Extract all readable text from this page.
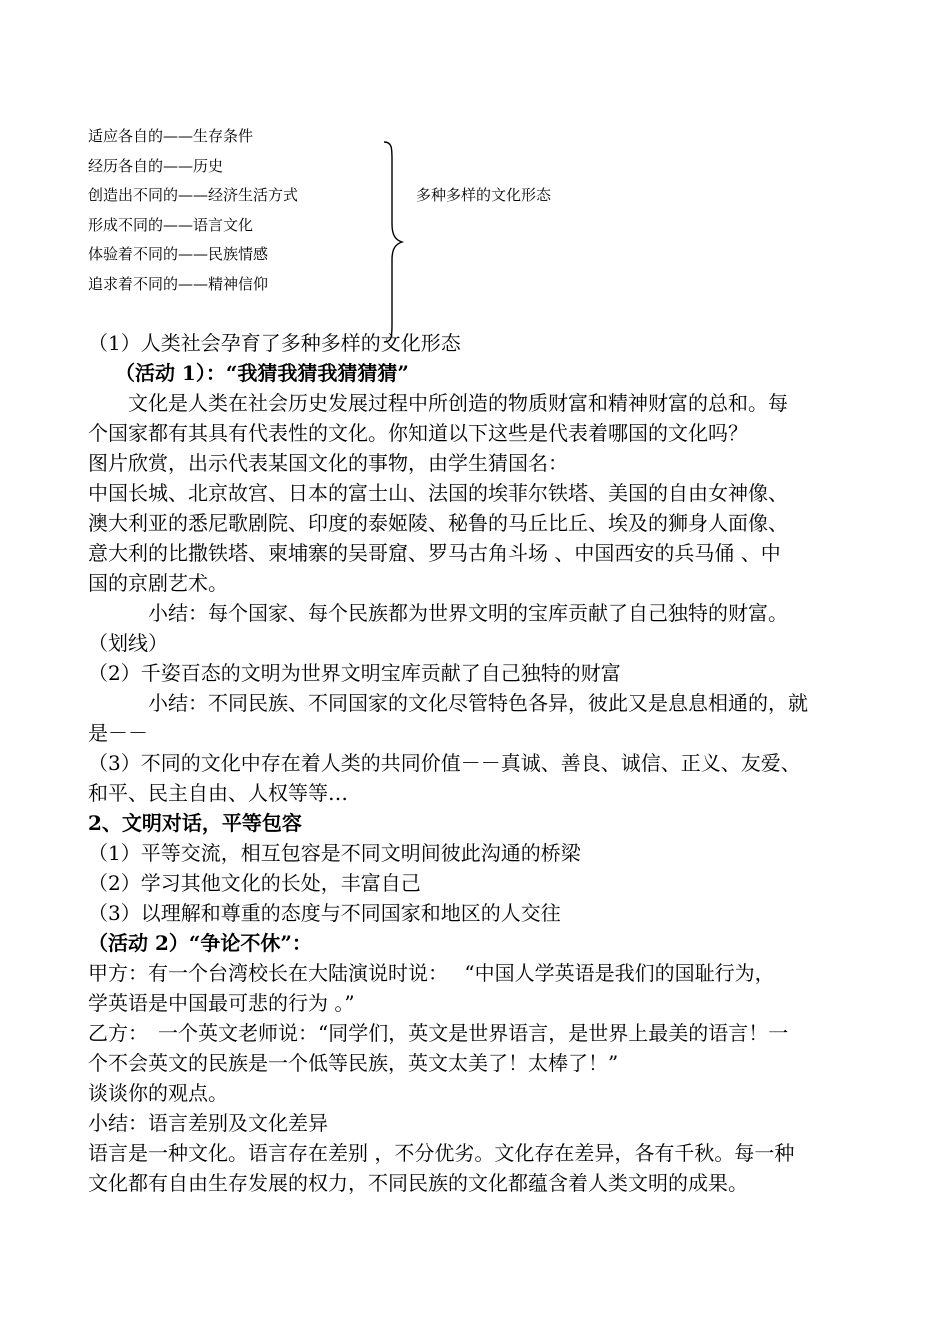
适应各自的——生存条件
经历各自的——历史
创造出不同的——经济生活方式
形成不同的——语言文化
体验着不同的——民族情感
追求着不同的——精神信仰
多种多样的文化形态
（1）人类社会孕育了多种多样的文化形态
　 （活动 1）：“我猜我猜我猜猜猜”
　　文化是人类在社会历史发展过程中所创造的物质财富和精神财富的总和。每
个国家都有其具有代表性的文化。你知道以下这些是代表着哪国的文化吗？
图片欣赏，出示代表某国文化的事物，由学生猜国名：
中国长城、北京故宫、日本的富士山、法国的埃菲尔铁塔、美国的自由女神像、
澳大利亚的悉尼歌剧院、印度的泰姬陵、秘鲁的马丘比丘、埃及的狮身人面像、
意大利的比撒铁塔、柬埔寨的吴哥窟、罗马古角斗场 、中国西安的兵马俑 、中
国的京剧艺术。
　　　小结：每个国家、每个民族都为世界文明的宝库贡献了自己独特的财富。
（划线）
（2）千姿百态的文明为世界文明宝库贡献了自己独特的财富
　　　小结：不同民族、不同国家的文化尽管特色各异，彼此又是息息相通的，就
是－－
（3）不同的文化中存在着人类的共同价值－－真诚、善良、诚信、正义、友爱、
和平、民主自由、人权等等…
2、文明对话，平等包容
（1）平等交流，相互包容是不同文明间彼此沟通的桥梁
（2）学习其他文化的长处，丰富自己
（3）以理解和尊重的态度与不同国家和地区的人交往
（活动 2）“争论不休”：
甲方：有一个台湾校长在大陆演说时说：　 “中国人学英语是我们的国耻行为，
学英语是中国最可悲的行为 。”
乙方：　一个英文老师说：“同学们，英文是世界语言，是世界上最美的语言！一
个不会英文的民族是一个低等民族，英文太美了！太棒了！”
谈谈你的观点。
小结：语言差别及文化差异
语言是一种文化。语言存在差别 ，不分优劣。文化存在差异，各有千秋。每一种
文化都有自由生存发展的权力，不同民族的文化都蕴含着人类文明的成果。
